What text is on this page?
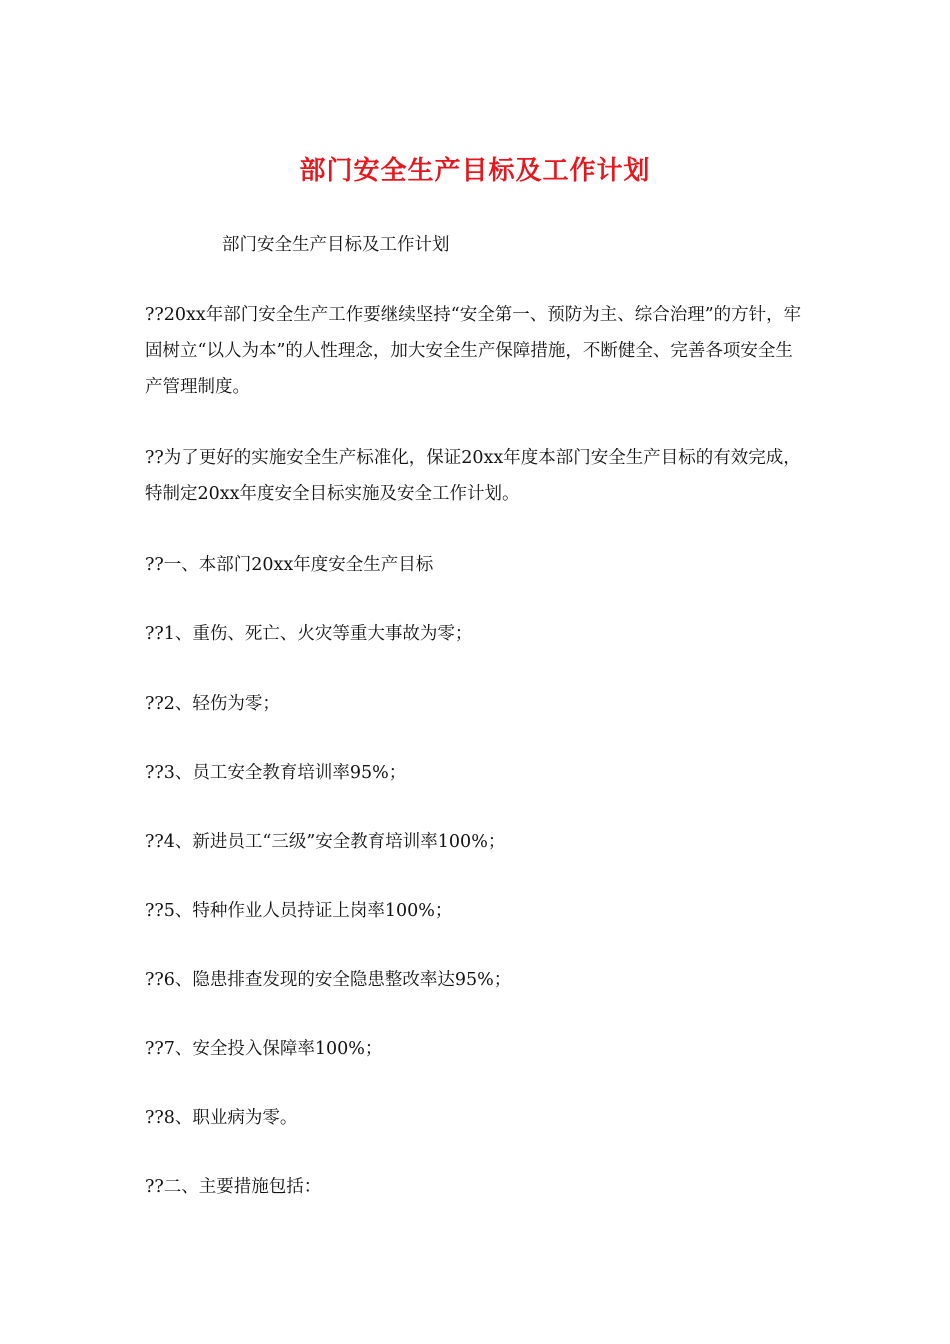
部门安全生产目标及工作计划
部门安全生产目标及工作计划
??20xx年部门安全生产工作要继续坚持“安全第一、预防为主、综合治理”的方针，牢固树立“以人为本”的人性理念，加大安全生产保障措施，不断健全、完善各项安全生产管理制度。
??为了更好的实施安全生产标准化，保证20xx年度本部门安全生产目标的有效完成，特制定20xx年度安全目标实施及安全工作计划。
??一、本部门20xx年度安全生产目标
??1、重伤、死亡、火灾等重大事故为零；
??2、轻伤为零；
??3、员工安全教育培训率95%；
??4、新进员工“三级”安全教育培训率100%；
??5、特种作业人员持证上岗率100%；
??6、隐患排查发现的安全隐患整改率达95%；
??7、安全投入保障率100%；
??8、职业病为零。
??二、主要措施包括：
